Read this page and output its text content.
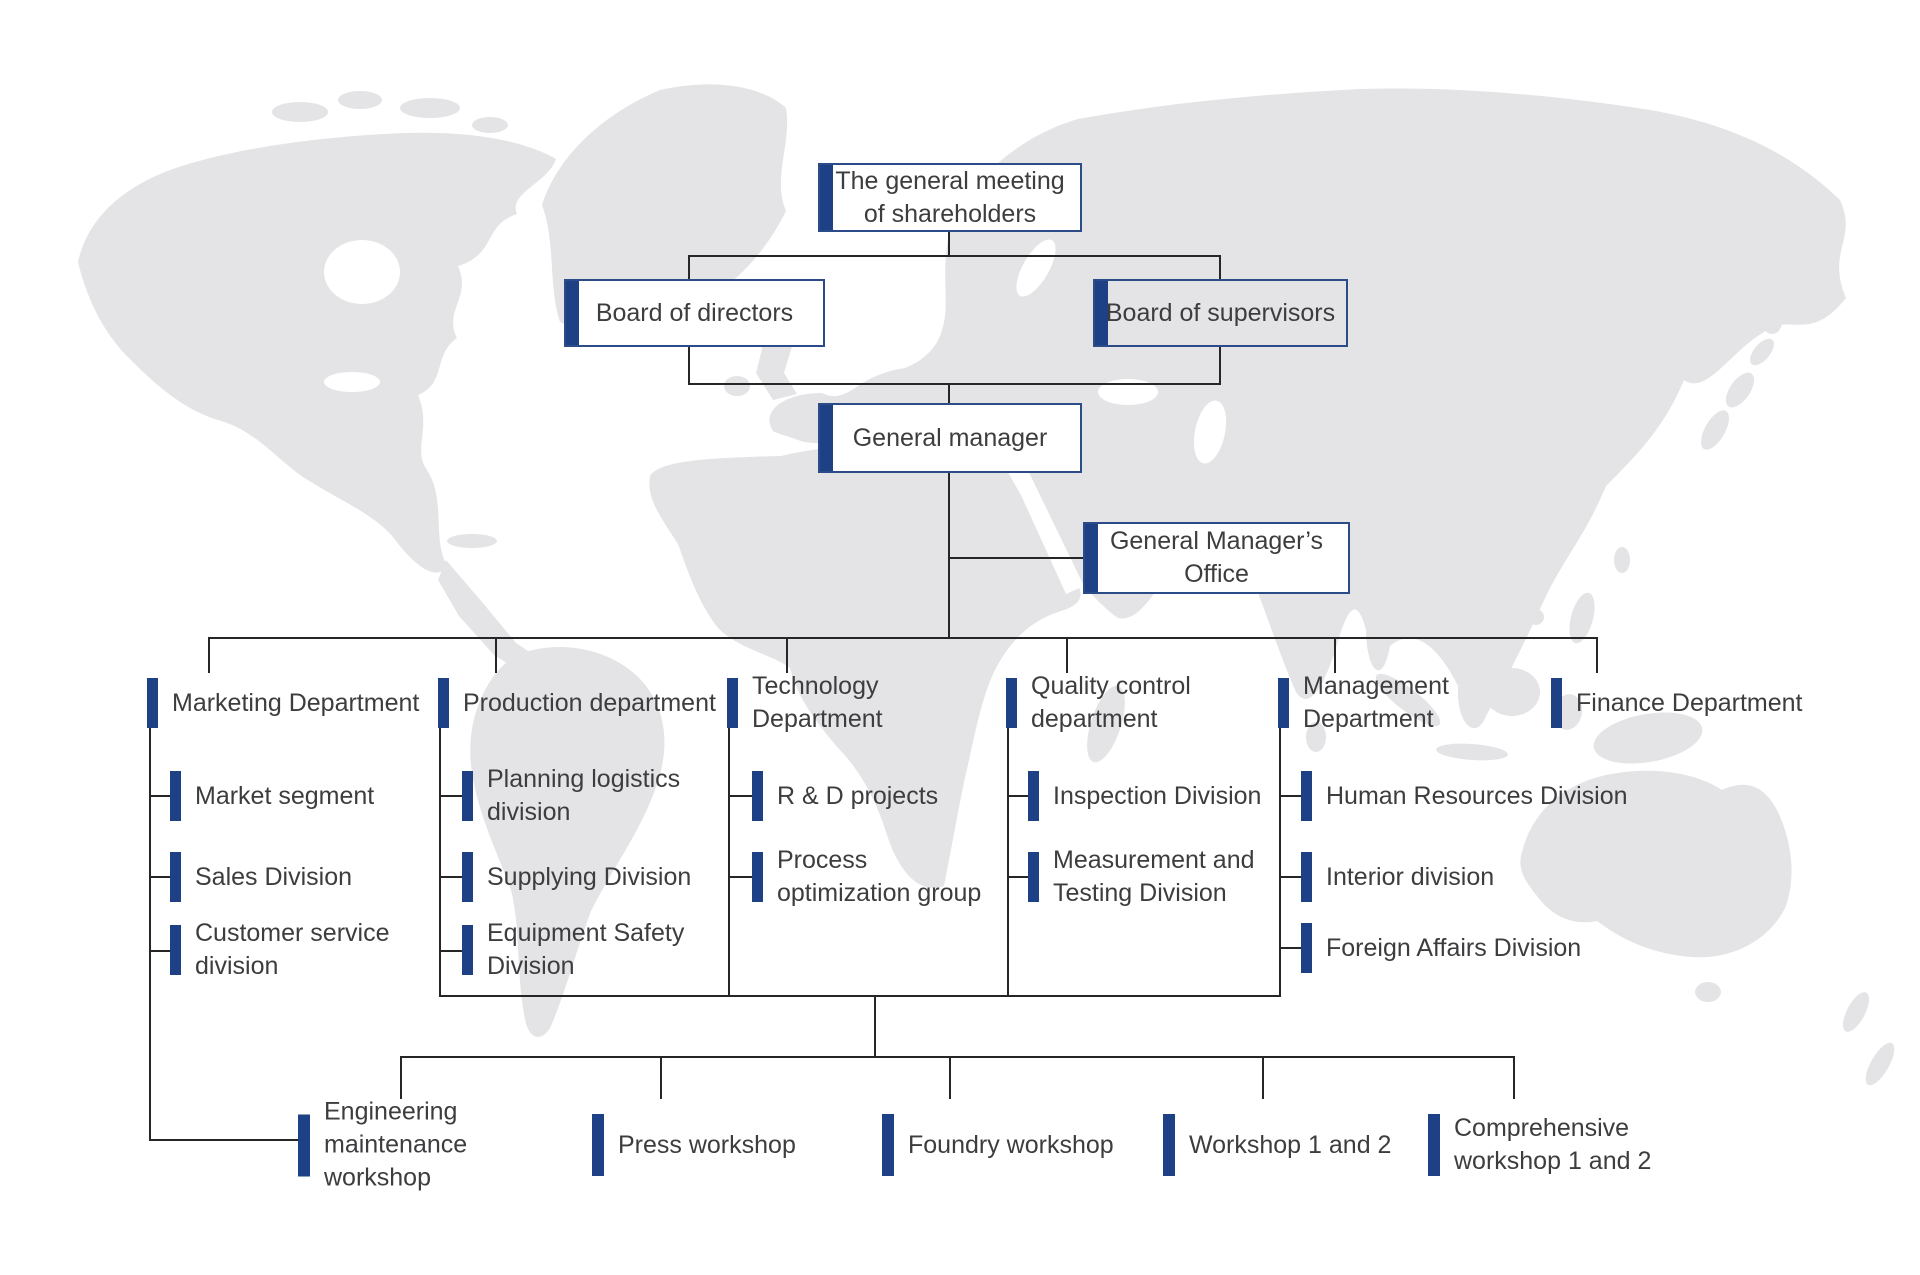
The general meeting of shareholders
Board of directors	Board of supervisors
General manager
General Manager’s Office
Marketing Department Production department
Technology Department
Quality control department
Management Department
Finance Department
Market segment
Sales Division
Customer service division
Planning logistics division
Supplying Division
Equipment Safety Division
R & D projects
Process optimization group
Inspection Division
Measurement and Testing Division
Human Resources Division
Interior division
Foreign Affairs Division
Engineering maintenance workshop
Press workshop	Foundry workshop	Workshop 1 and 2
Comprehensive workshop 1 and 2
